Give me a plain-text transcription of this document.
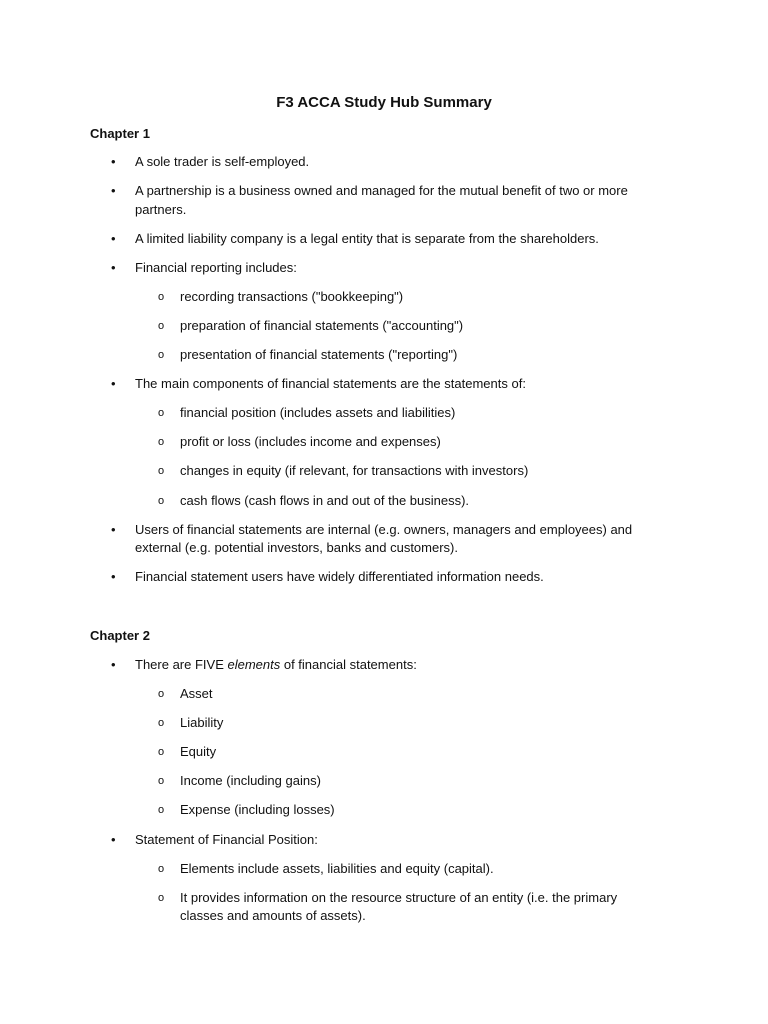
F3 ACCA Study Hub Summary
Chapter 1
• A sole trader is self-employed.
• A partnership is a business owned and managed for the mutual benefit of two or more partners.
• A limited liability company is a legal entity that is separate from the shareholders.
• Financial reporting includes:
o recording transactions ("bookkeeping")
o preparation of financial statements ("accounting")
o presentation of financial statements ("reporting")
• The main components of financial statements are the statements of:
o financial position (includes assets and liabilities)
o profit or loss (includes income and expenses)
o changes in equity (if relevant, for transactions with investors)
o cash flows (cash flows in and out of the business).
• Users of financial statements are internal (e.g. owners, managers and employees) and external (e.g. potential investors, banks and customers).
• Financial statement users have widely differentiated information needs.
Chapter 2
• There are FIVE elements of financial statements:
o Asset
o Liability
o Equity
o Income (including gains)
o Expense (including losses)
• Statement of Financial Position:
o Elements include assets, liabilities and equity (capital).
o It provides information on the resource structure of an entity (i.e. the primary classes and amounts of assets).
